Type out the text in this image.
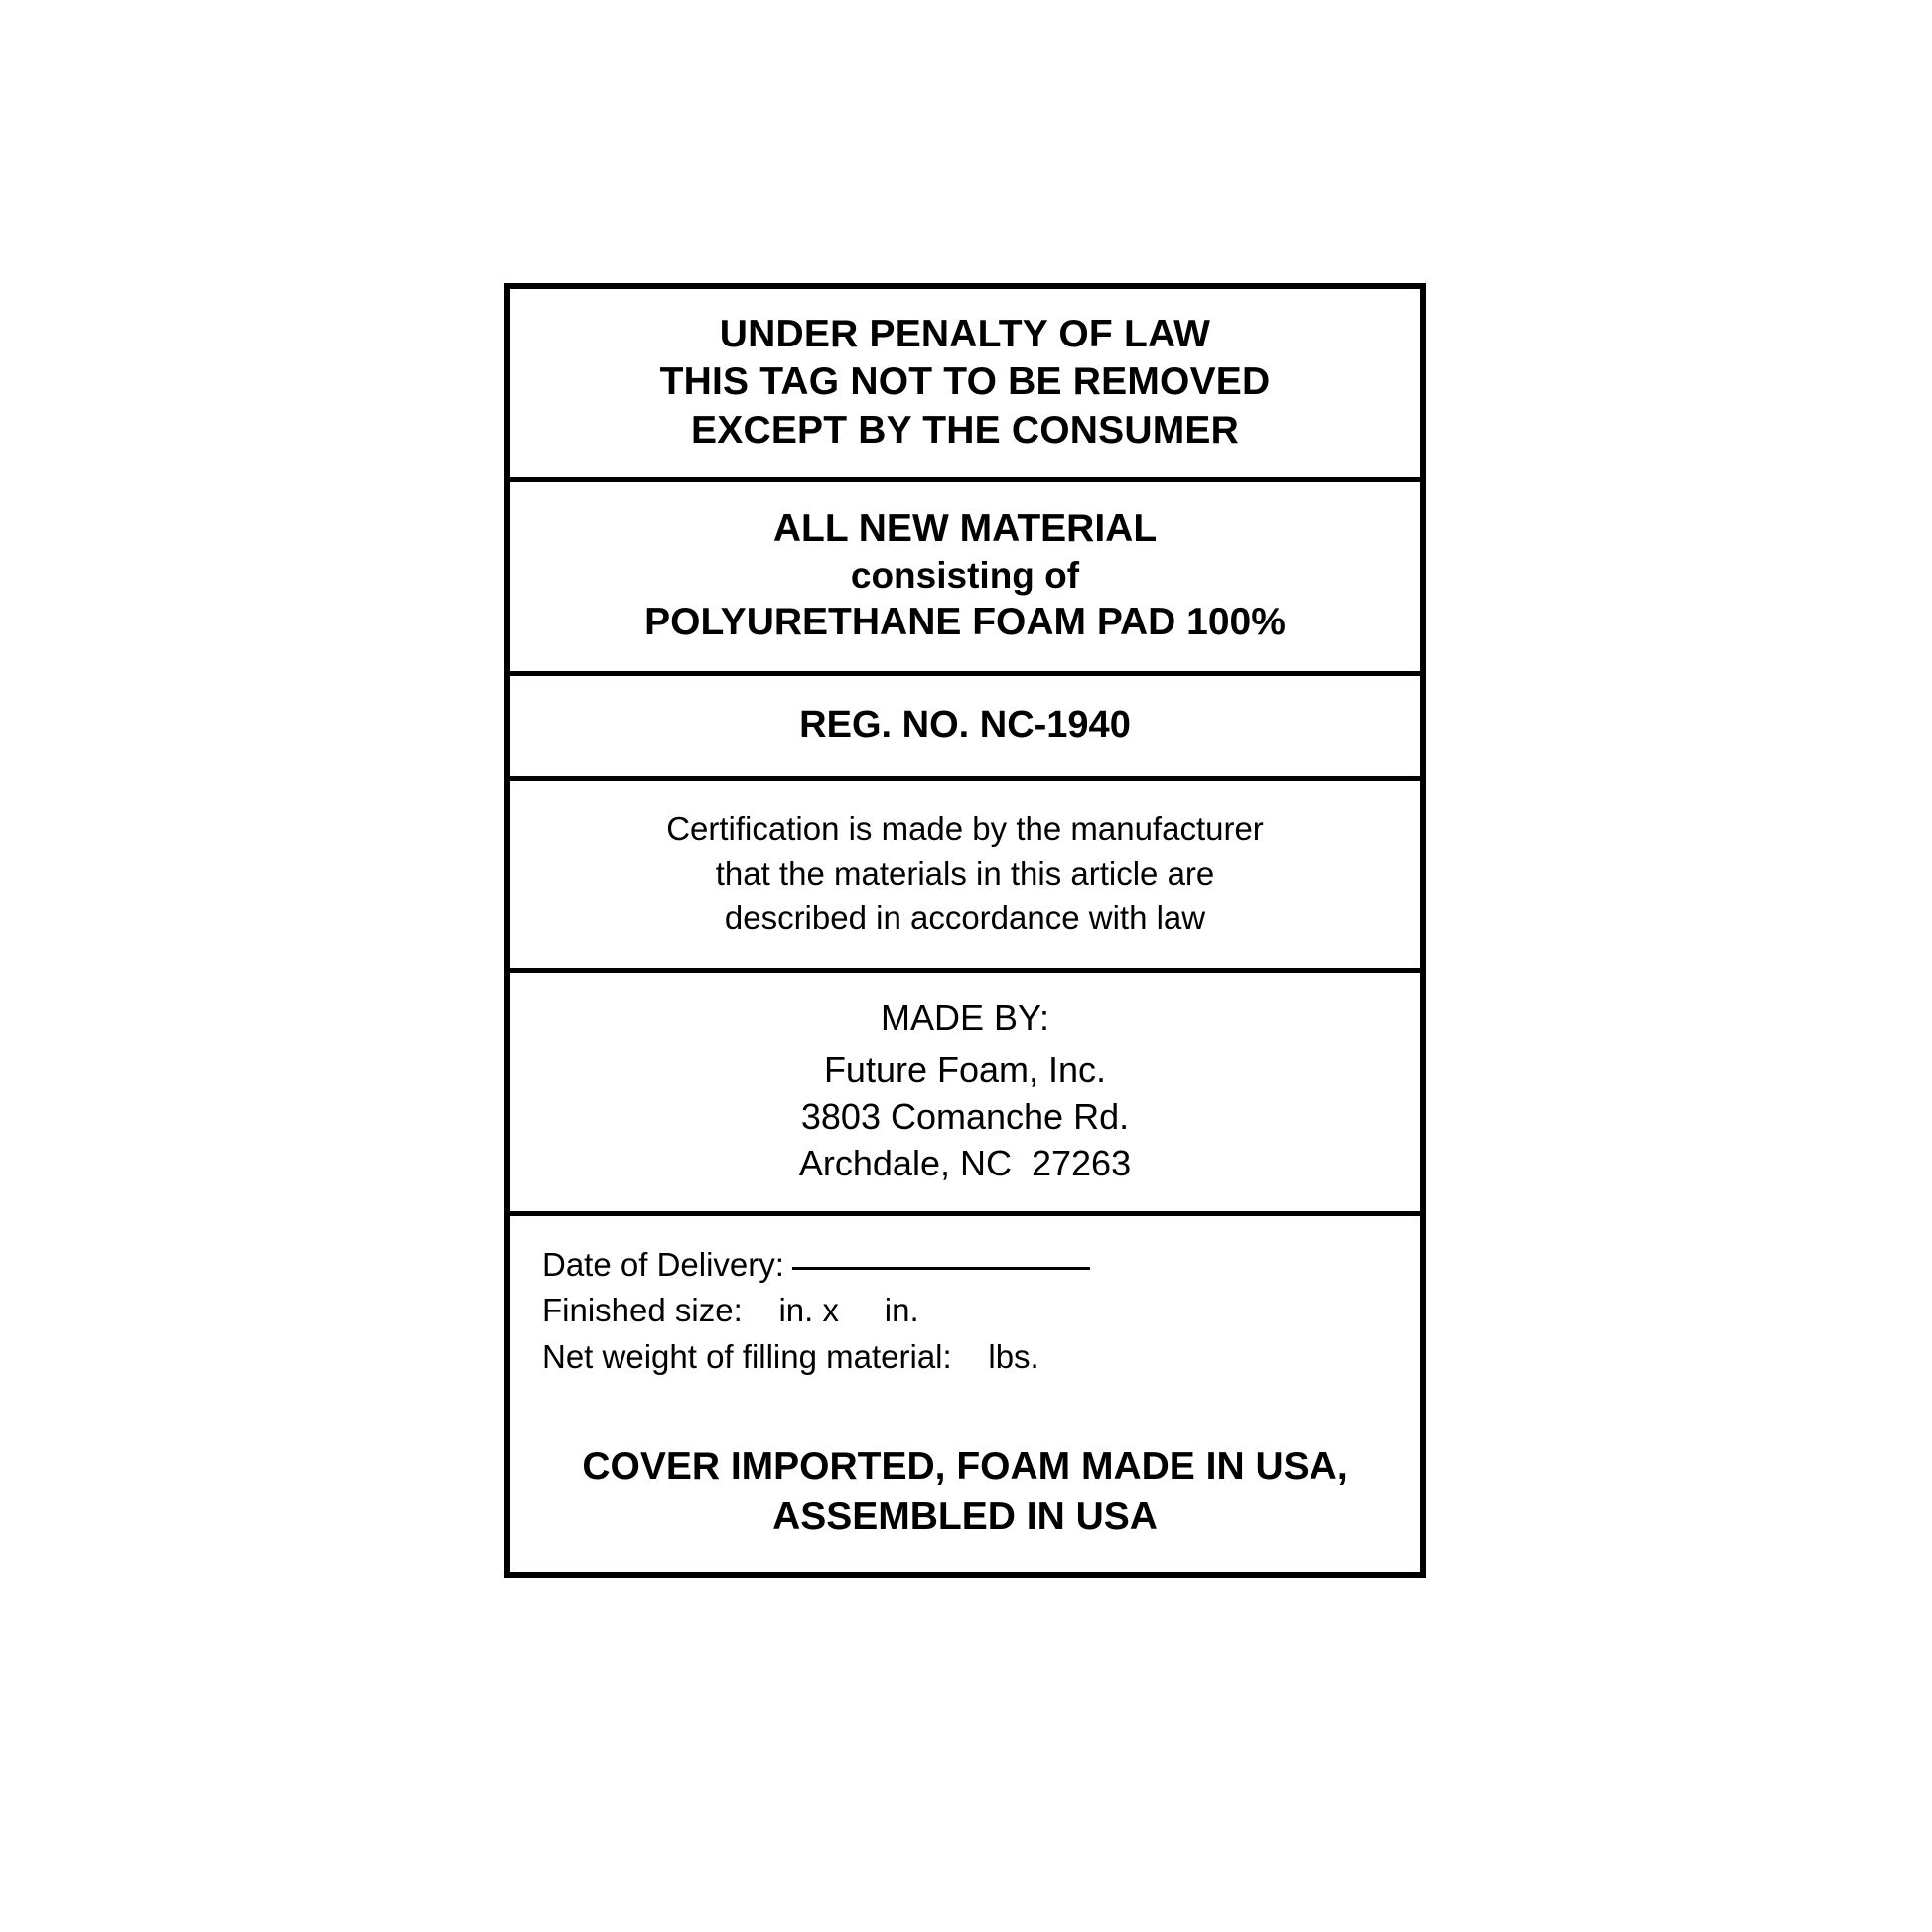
UNDER PENALTY OF LAW
THIS TAG NOT TO BE REMOVED
EXCEPT BY THE CONSUMER
ALL NEW MATERIAL
consisting of
POLYURETHANE FOAM PAD 100%
REG. NO. NC-1940
Certification is made by the manufacturer
that the materials in this article are
described in accordance with law
MADE BY:
Future Foam, Inc.
3803 Comanche Rd.
Archdale, NC  27263
Date of Delivery:
Finished size:    in. x     in.
Net weight of filling material:    lbs.
COVER IMPORTED, FOAM MADE IN USA,
ASSEMBLED IN USA
